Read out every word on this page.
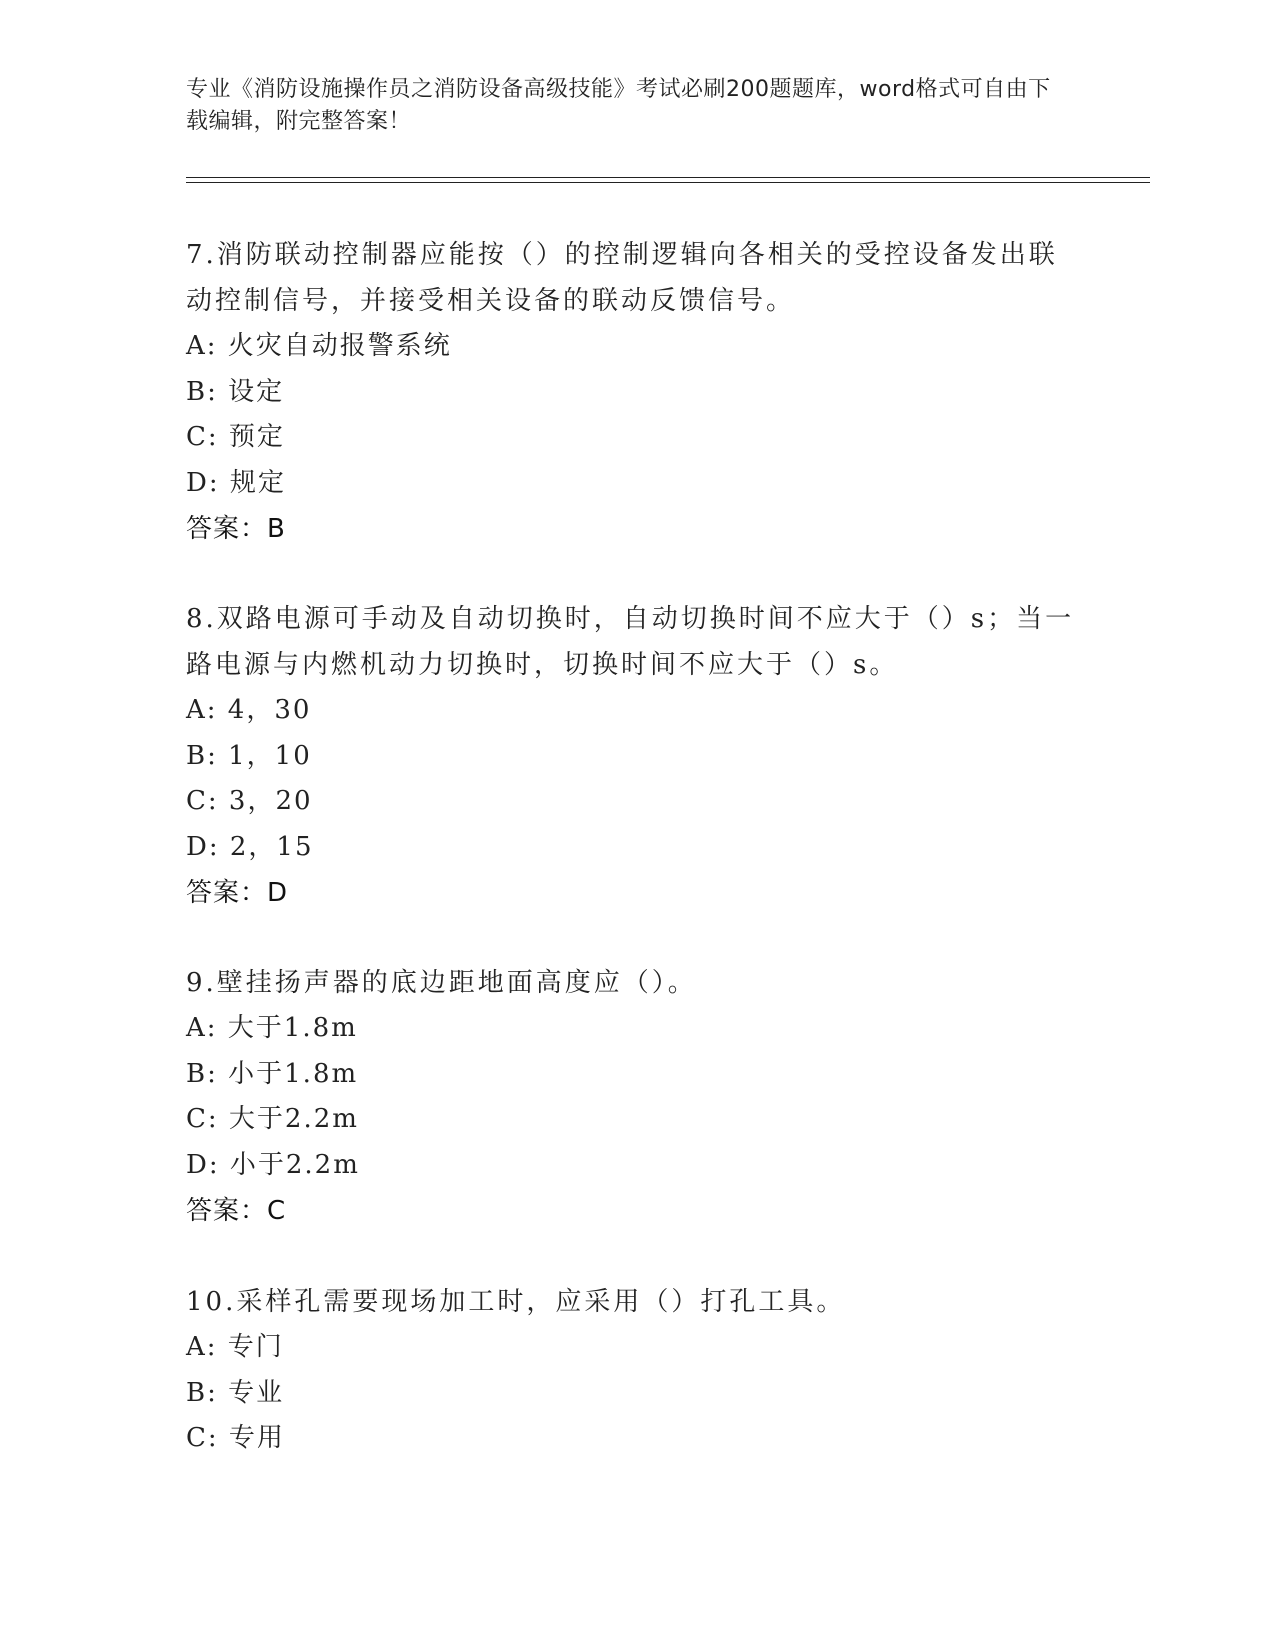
专业《消防设施操作员之消防设备高级技能》考试必刷200题题库，word格式可自由下载编辑，附完整答案！
7.消防联动控制器应能按（）的控制逻辑向各相关的受控设备发出联动控制信号，并接受相关设备的联动反馈信号。
A: 火灾自动报警系统
B: 设定
C: 预定
D: 规定
答案：B
8.双路电源可手动及自动切换时，自动切换时间不应大于（）s；当一路电源与内燃机动力切换时，切换时间不应大于（）s。
A: 4，30
B: 1，10
C: 3，20
D: 2，15
答案：D
9.壁挂扬声器的底边距地面高度应（）。
A: 大于1.8m
B: 小于1.8m
C: 大于2.2m
D: 小于2.2m
答案：C
10.采样孔需要现场加工时，应采用（）打孔工具。
A: 专门
B: 专业
C: 专用
